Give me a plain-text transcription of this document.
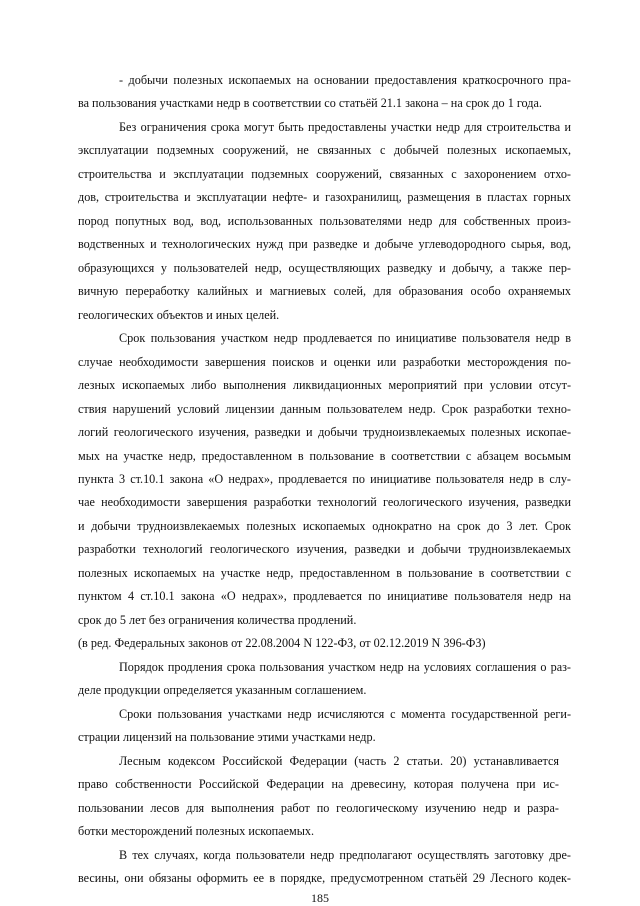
- добычи полезных ископаемых на основании предоставления краткосрочного пра-
ва пользования участками недр в соответствии со статьёй 21.1 закона – на срок до 1 года.
Без ограничения срока могут быть предоставлены участки недр для строительства и
эксплуатации подземных сооружений, не связанных с добычей полезных ископаемых,
строительства и эксплуатации подземных сооружений, связанных с захоронением отхо-
дов, строительства и эксплуатации нефте- и газохранилищ, размещения в пластах горных
пород попутных вод, вод, использованных пользователями недр для собственных произ-
водственных и технологических нужд при разведке и добыче углеводородного сырья, вод,
образующихся у пользователей недр, осуществляющих разведку и добычу, а также пер-
вичную переработку калийных и магниевых солей, для образования особо охраняемых
геологических объектов и иных целей.
Срок пользования участком недр продлевается по инициативе пользователя недр в
случае необходимости завершения поисков и оценки или разработки месторождения по-
лезных ископаемых либо выполнения ликвидационных мероприятий при условии отсут-
ствия нарушений условий лицензии данным пользователем недр. Срок разработки техно-
логий геологического изучения, разведки и добычи трудноизвлекаемых полезных ископае-
мых на участке недр, предоставленном в пользование в соответствии с абзацем восьмым
пункта 3 ст.10.1 закона «О недрах», продлевается по инициативе пользователя недр в слу-
чае необходимости завершения разработки технологий геологического изучения, разведки
и добычи трудноизвлекаемых полезных ископаемых однократно на срок до 3 лет. Срок
разработки технологий геологического изучения, разведки и добычи трудноизвлекаемых
полезных ископаемых на участке недр, предоставленном в пользование в соответствии с
пунктом 4 ст.10.1 закона «О недрах», продлевается по инициативе пользователя недр на
срок до 5 лет без ограничения количества продлений.
(в ред. Федеральных законов от 22.08.2004 N 122-ФЗ, от 02.12.2019 N 396-ФЗ)
Порядок продления срока пользования участком недр на условиях соглашения о раз-
деле продукции определяется указанным соглашением.
Сроки пользования участками недр исчисляются с момента государственной реги-
страции лицензий на пользование этими участками недр.
Лесным кодексом Российской Федерации (часть 2 статьи. 20) устанавливается
право собственности Российской Федерации на древесину, которая получена при ис-
пользовании лесов для выполнения работ по геологическому изучению недр и разра-
ботки месторождений полезных ископаемых.
В тех случаях, когда пользователи недр предполагают осуществлять заготовку дре-
весины, они обязаны оформить ее в порядке, предусмотренном статьёй 29 Лесного кодек-
185
